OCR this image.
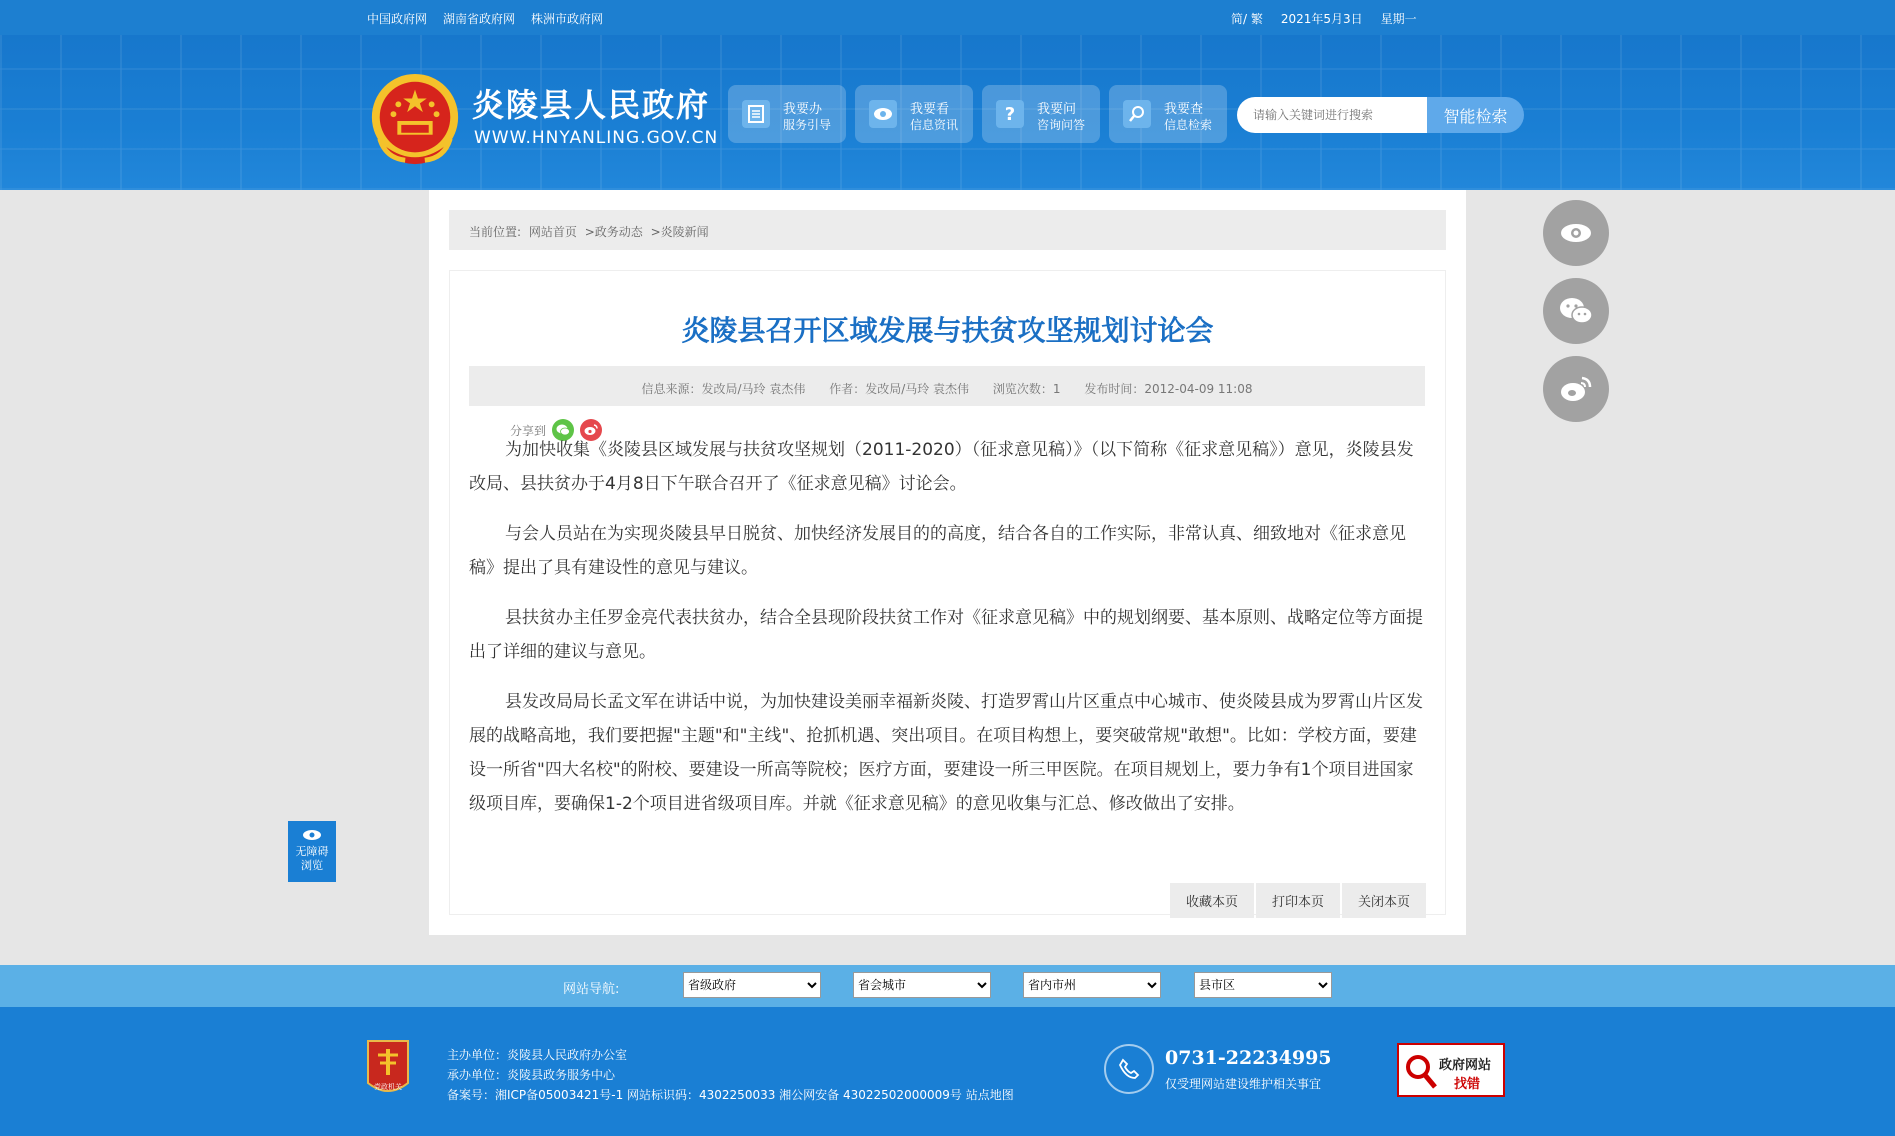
中国政府网 湖南省政府网 株洲市政府网	简/ 繁 2021年5月3日 星期一
炎陵县人民政府
WWW.HNYANLING.GOV.CN
我要办
服务引导
我要看
信息资讯
?	我要问
咨询问答
我要查
信息检索
请输入关键词进行搜索	智能检索
当前位置: 网站首页 >政务动态 >炎陵新闻
炎陵县召开区域发展与扶贫攻坚规划讨论会
信息来源：发改局/马玲 袁杰伟 作者：发改局/马玲 袁杰伟 浏览次数：1 发布时间：2012-04-09 11:08
分享到

为加快收集《炎陵县区域发展与扶贫攻坚规划（2011-2020）（征求意见稿）》（以下简称《征求意见稿》）意见，炎陵县发改局、县扶贫办于4月8日下午联合召开了《征求意见稿》讨论会。

与会人员站在为实现炎陵县早日脱贫、加快经济发展目的的高度，结合各自的工作实际，非常认真、细致地对《征求意见稿》提出了具有建设性的意见与建议。

县扶贫办主任罗金亮代表扶贫办，结合全县现阶段扶贫工作对《征求意见稿》中的规划纲要、基本原则、战略定位等方面提出了详细的建议与意见。

县发改局局长孟文军在讲话中说，为加快建设美丽幸福新炎陵、打造罗霄山片区重点中心城市、使炎陵县成为罗霄山片区发展的战略高地，我们要把握"主题"和"主线"、抢抓机遇、突出项目。在项目构想上，要突破常规"敢想"。比如：学校方面，要建设一所省"四大名校"的附校、要建设一所高等院校；医疗方面，要建设一所三甲医院。在项目规划上，要力争有1个项目进国家级项目库，要确保1-2个项目进省级项目库。并就《征求意见稿》的意见收集与汇总、修改做出了安排。

收藏本页	打印本页	关闭本页
无障碍
浏览
网站导航:
省级政府
省会城市
省内市州
县市区
党政机关
主办单位：炎陵县人民政府办公室
承办单位：炎陵县政务服务中心
备案号：湘ICP备05003421号-1 网站标识码：4302250033 湘公网安备 43022502000009号 站点地图
0731-22234995
仅受理网站建设维护相关事宜
政府网站
找错
